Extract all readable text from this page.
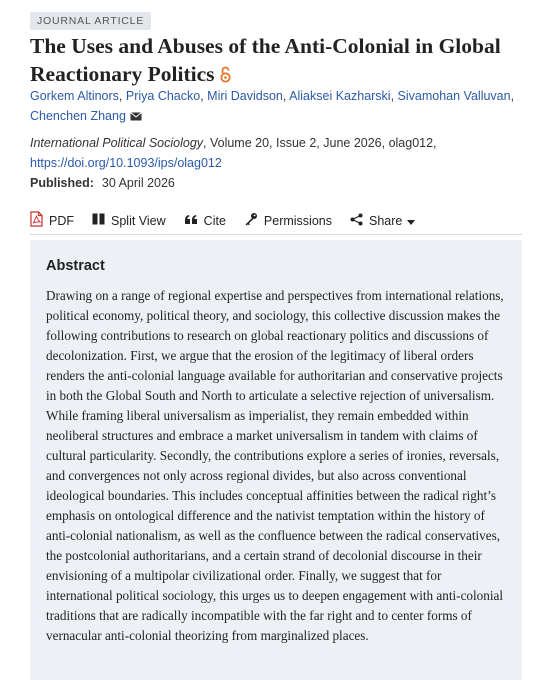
JOURNAL ARTICLE
The Uses and Abuses of the Anti-Colonial in Global Reactionary Politics
Gorkem Altinors, Priya Chacko, Miri Davidson, Aliaksei Kazharski, Sivamohan Valluvan,
Chenchen Zhang
International Political Sociology, Volume 20, Issue 2, June 2026, olag012,
https://doi.org/10.1093/ips/olag012
Published: 30 April 2026
PDF	Split View	Cite	Permissions	Share
Abstract

Drawing on a range of regional expertise and perspectives from international relations, political economy, political theory, and sociology, this collective discussion makes the following contributions to research on global reactionary politics and discussions of decolonization. First, we argue that the erosion of the legitimacy of liberal orders renders the anti-colonial language available for authoritarian and conservative projects in both the Global South and North to articulate a selective rejection of universalism. While framing liberal universalism as imperialist, they remain embedded within neoliberal structures and embrace a market universalism in tandem with claims of cultural particularity. Secondly, the contributions explore a series of ironies, reversals, and convergences not only across regional divides, but also across conventional ideological boundaries. This includes conceptual affinities between the radical right’s emphasis on ontological difference and the nativist temptation within the history of anti-colonial nationalism, as well as the confluence between the radical conservatives, the postcolonial authoritarians, and a certain strand of decolonial discourse in their envisioning of a multipolar civilizational order. Finally, we suggest that for international political sociology, this urges us to deepen engagement with anti-colonial traditions that are radically incompatible with the far right and to center forms of vernacular anti-colonial theorizing from marginalized places.
